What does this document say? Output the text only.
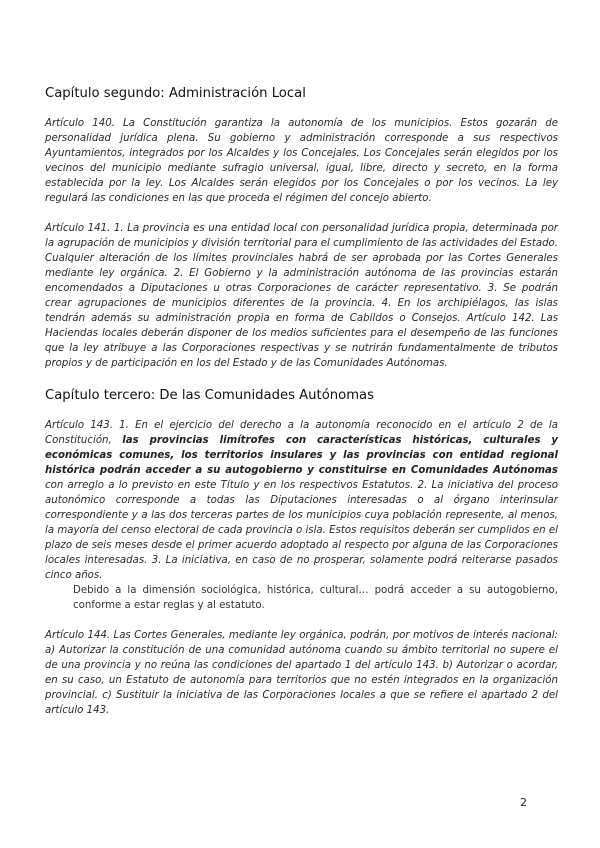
Capítulo segundo: Administración Local

Artículo 140. La Constitución garantiza la autonomía de los municipios. Estos gozarán de personalidad jurídica plena. Su gobierno y administración corresponde a sus respectivos Ayuntamientos, integrados por los Alcaldes y los Concejales. Los Concejales serán elegidos por los vecinos del municipio mediante sufragio universal, igual, libre, directo y secreto, en la forma establecida por la ley. Los Alcaldes serán elegidos por los Concejales o por los vecinos. La ley regulará las condiciones en las que proceda el régimen del concejo abierto.

Artículo 141. 1. La provincia es una entidad local con personalidad jurídica propia, determinada por la agrupación de municipios y división territorial para el cumplimiento de las actividades del Estado. Cualquier alteración de los límites provinciales habrá de ser aprobada por las Cortes Generales mediante ley orgánica. 2. El Gobierno y la administración autónoma de las provincias estarán encomendados a Diputaciones u otras Corporaciones de carácter representativo. 3. Se podrán crear agrupaciones de municipios diferentes de la provincia. 4. En los archipiélagos, las islas tendrán además su administración propia en forma de Cabildos o Consejos. Artículo 142. Las Haciendas locales deberán disponer de los medios suficientes para el desempeño de las funciones que la ley atribuye a las Corporaciones respectivas y se nutrirán fundamentalmente de tributos propios y de participación en los del Estado y de las Comunidades Autónomas.

Capítulo tercero: De las Comunidades Autónomas

Artículo 143. 1. En el ejercicio del derecho a la autonomía reconocido en el artículo 2 de la Constitución, las provincias limítrofes con características históricas, culturales y económicas comunes, los territorios insulares y las provincias con entidad regional histórica podrán acceder a su autogobierno y constituirse en Comunidades Autónomas con arreglo a lo previsto en este Título y en los respectivos Estatutos. 2. La iniciativa del proceso autonómico corresponde a todas las Diputaciones interesadas o al órgano interinsular correspondiente y a las dos terceras partes de los municipios cuya población represente, al menos, la mayoría del censo electoral de cada provincia o isla. Estos requisitos deberán ser cumplidos en el plazo de seis meses desde el primer acuerdo adoptado al respecto por alguna de las Corporaciones locales interesadas. 3. La iniciativa, en caso de no prosperar, solamente podrá reiterarse pasados cinco años.

Debido a la dimensión sociológica, histórica, cultural… podrá acceder a su autogobierno, conforme a estar reglas y al estatuto.

Artículo 144. Las Cortes Generales, mediante ley orgánica, podrán, por motivos de interés nacional: a) Autorizar la constitución de una comunidad autónoma cuando su ámbito territorial no supere el de una provincia y no reúna las condiciones del apartado 1 del artículo 143. b) Autorizar o acordar, en su caso, un Estatuto de autonomía para territorios que no estén integrados en la organización provincial. c) Sustituir la iniciativa de las Corporaciones locales a que se refiere el apartado 2 del artículo 143.

2
